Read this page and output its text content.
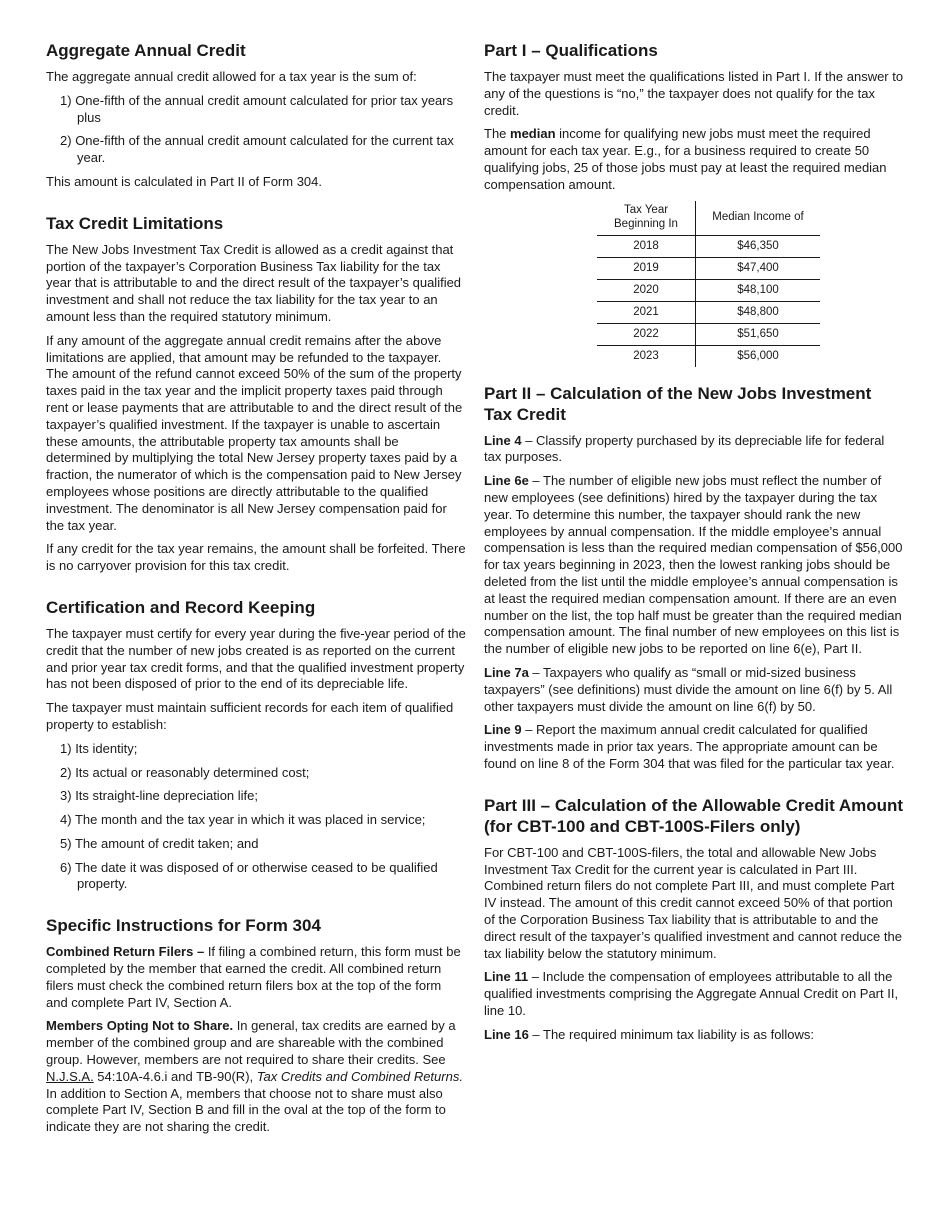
Aggregate Annual Credit

The aggregate annual credit allowed for a tax year is the sum of:

1) One-fifth of the annual credit amount calculated for prior tax years plus
2) One-fifth of the annual credit amount calculated for the current tax year.

This amount is calculated in Part II of Form 304.

Tax Credit Limitations

The New Jobs Investment Tax Credit is allowed as a credit against that portion of the taxpayer’s Corporation Business Tax liability for the tax year that is attributable to and the direct result of the taxpayer’s qualified investment and shall not reduce the tax liability for the tax year to an amount less than the required statutory minimum.

If any amount of the aggregate annual credit remains after the above limitations are applied, that amount may be refunded to the taxpayer. The amount of the refund cannot exceed 50% of the sum of the property taxes paid in the tax year and the implicit property taxes paid through rent or lease payments that are attributable to and the direct result of the taxpayer’s qualified investment. If the taxpayer is unable to ascertain these amounts, the attributable property tax amounts shall be determined by multiplying the total New Jersey property taxes paid by a fraction, the numerator of which is the compensation paid to New Jersey employees whose positions are directly attributable to the qualified investment. The denominator is all New Jersey compensation paid for the tax year.

If any credit for the tax year remains, the amount shall be forfeited. There is no carryover provision for this tax credit.

Certification and Record Keeping

The taxpayer must certify for every year during the five-year period of the credit that the number of new jobs created is as reported on the current and prior year tax credit forms, and that the qualified investment property has not been disposed of prior to the end of its depreciable life.

The taxpayer must maintain sufficient records for each item of qualified property to establish:

1) Its identity;
2) Its actual or reasonably determined cost;
3) Its straight-line depreciation life;
4) The month and the tax year in which it was placed in service;
5) The amount of credit taken; and
6) The date it was disposed of or otherwise ceased to be qualified property.
Specific Instructions for Form 304

Combined Return Filers – If filing a combined return, this form must be completed by the member that earned the credit. All combined return filers must check the combined return filers box at the top of the form and complete Part IV, Section A.

Members Opting Not to Share. In general, tax credits are earned by a member of the combined group and are shareable with the combined group. However, members are not required to share their credits. See N.J.S.A. 54:10A-4.6.i and TB-90(R), Tax Credits and Combined Returns. In addition to Section A, members that choose not to share must also complete Part IV, Section B and fill in the oval at the top of the form to indicate they are not sharing the credit.

Part I – Qualifications

The taxpayer must meet the qualifications listed in Part I. If the answer to any of the questions is “no,” the taxpayer does not qualify for the tax credit.

The median income for qualifying new jobs must meet the required amount for each tax year. E.g., for a business required to create 50 qualifying jobs, 25 of those jobs must pay at least the required median compensation amount.

Tax Year
Beginning In	Median Income of
2018	$46,350
2019	$47,400
2020	$48,100
2021	$48,800
2022	$51,650
2023	$56,000
Part II – Calculation of the New Jobs Investment Tax Credit

Line 4 – Classify property purchased by its depreciable life for federal tax purposes.

Line 6e – The number of eligible new jobs must reflect the number of new employees (see definitions) hired by the taxpayer during the tax year. To determine this number, the taxpayer should rank the new employees by annual compensation. If the middle employee’s annual compensation is less than the required median compensation of $56,000 for tax years beginning in 2023, then the lowest ranking jobs should be deleted from the list until the middle employee’s annual compensation is at least the required median compensation amount. If there are an even number on the list, the top half must be greater than the required median compensation amount. The final number of new employees on this list is the number of eligible new jobs to be reported on line 6(e), Part II.

Line 7a – Taxpayers who qualify as “small or mid-sized business taxpayers” (see definitions) must divide the amount on line 6(f) by 5. All other taxpayers must divide the amount on line 6(f) by 50.

Line 9 – Report the maximum annual credit calculated for qualified investments made in prior tax years. The appropriate amount can be found on line 8 of the Form 304 that was filed for the particular tax year.

Part III – Calculation of the Allowable Credit Amount (for CBT-100 and CBT-100S-Filers only)

For CBT-100 and CBT-100S-filers, the total and allowable New Jobs Investment Tax Credit for the current year is calculated in Part III. Combined return filers do not complete Part III, and must complete Part IV instead. The amount of this credit cannot exceed 50% of that portion of the Corporation Business Tax liability that is attributable to and the direct result of the taxpayer’s qualified investment and cannot reduce the tax liability below the statutory minimum.

Line 11 – Include the compensation of employees attributable to all the qualified investments comprising the Aggregate Annual Credit on Part II, line 10.

Line 16 – The required minimum tax liability is as follows:
